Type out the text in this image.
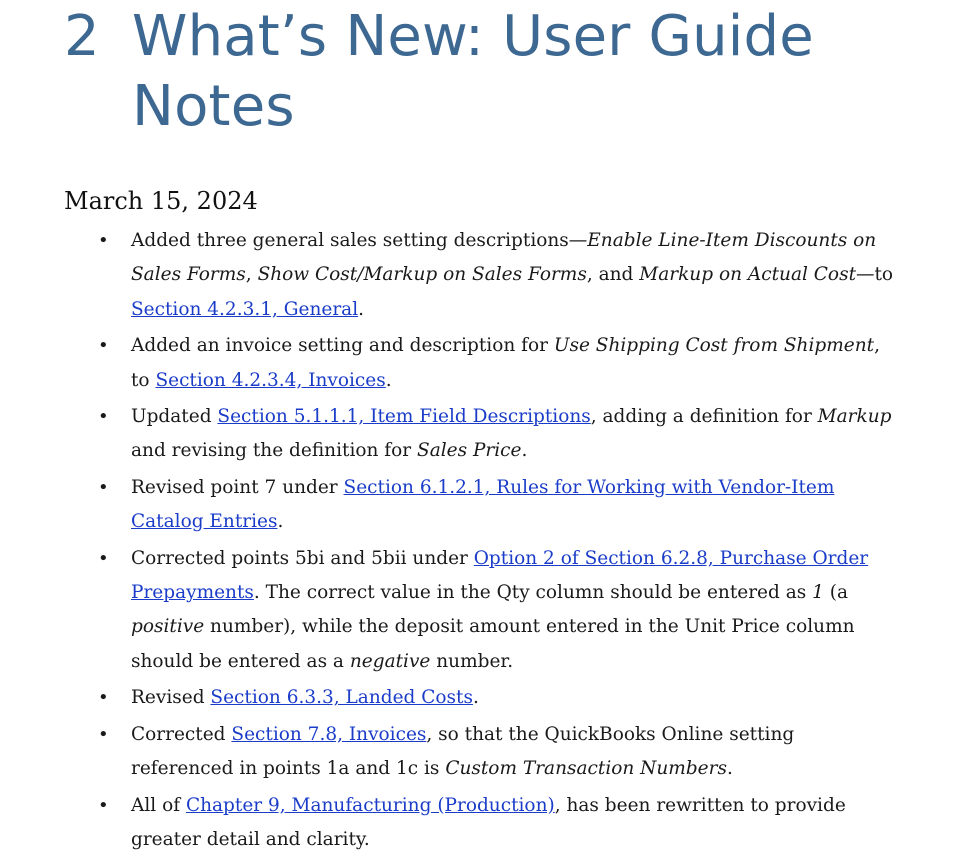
2 What’s New: User Guide
Notes
March 15, 2024
• Added three general sales setting descriptions—Enable Line-Item Discounts on Sales Forms, Show Cost/Markup on Sales Forms, and Markup on Actual Cost—to Section 4.2.3.1, General.
• Added an invoice setting and description for Use Shipping Cost from Shipment, to Section 4.2.3.4, Invoices.
• Updated Section 5.1.1.1, Item Field Descriptions, adding a definition for Markup and revising the definition for Sales Price.
• Revised point 7 under Section 6.1.2.1, Rules for Working with Vendor-Item Catalog Entries.
• Corrected points 5bi and 5bii under Option 2 of Section 6.2.8, Purchase Order Prepayments. The correct value in the Qty column should be entered as 1 (a positive number), while the deposit amount entered in the Unit Price column should be entered as a negative number.
• Revised Section 6.3.3, Landed Costs.
• Corrected Section 7.8, Invoices, so that the QuickBooks Online setting referenced in points 1a and 1c is Custom Transaction Numbers.
• All of Chapter 9, Manufacturing (Production), has been rewritten to provide greater detail and clarity.
